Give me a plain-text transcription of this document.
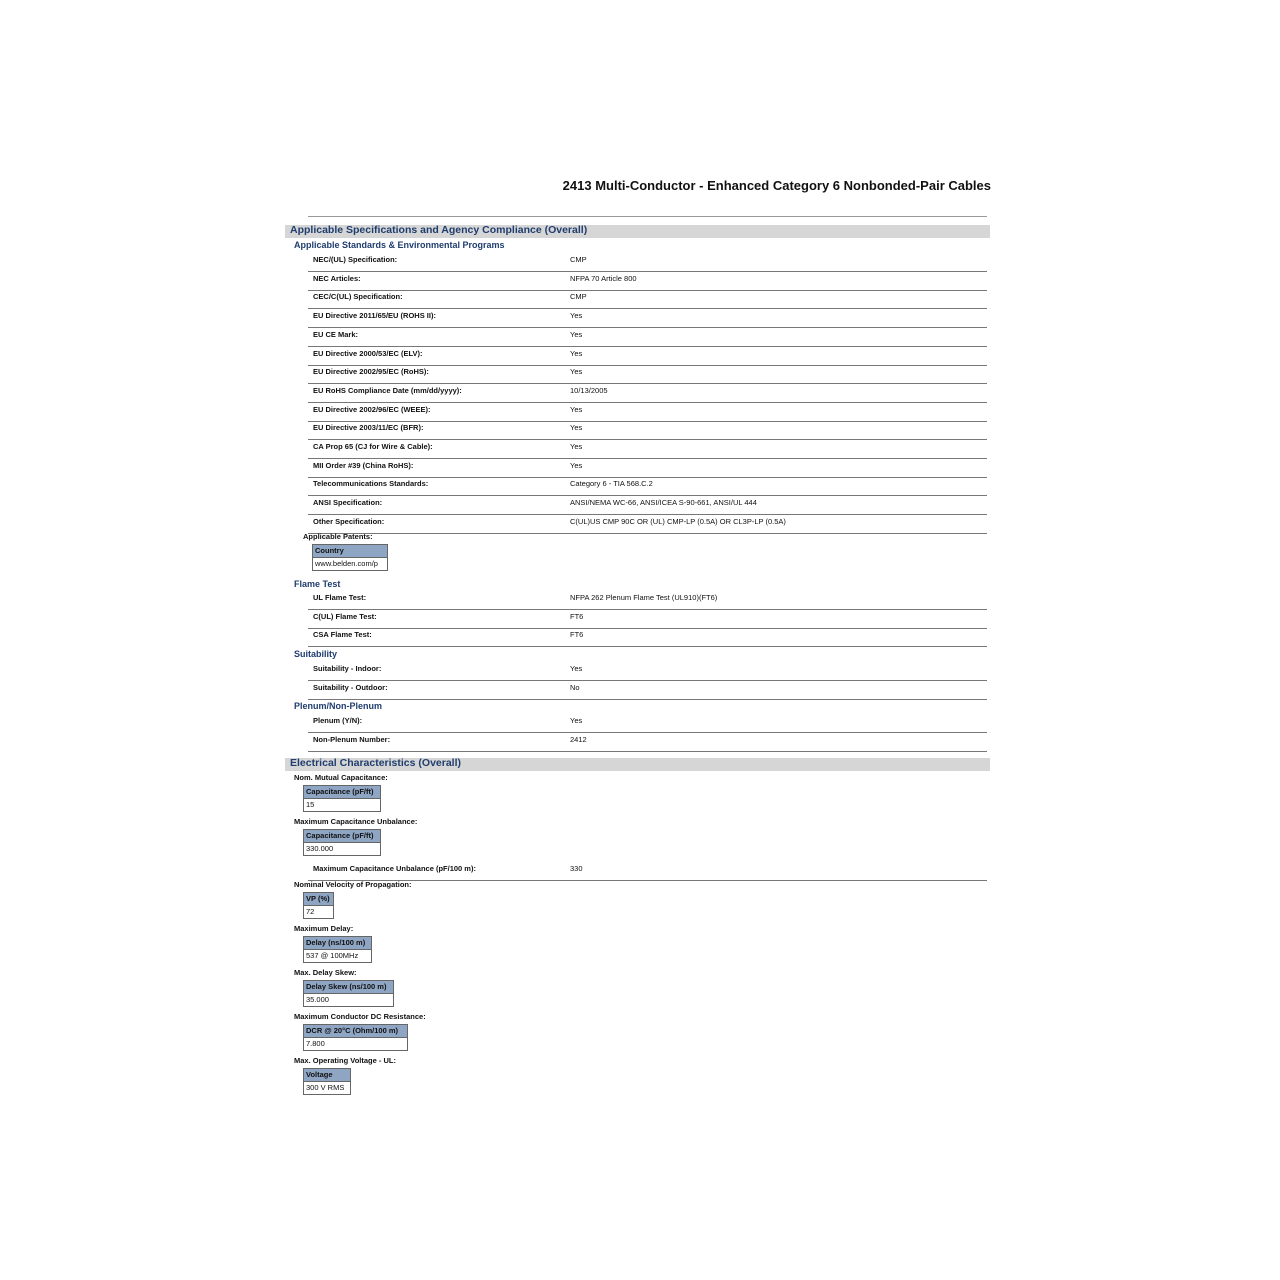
2413 Multi-Conductor - Enhanced Category 6 Nonbonded-Pair Cables
Applicable Specifications and Agency Compliance (Overall)
Applicable Standards & Environmental Programs
NEC/(UL) Specification:	CMP
NEC Articles:	NFPA 70 Article 800
CEC/C(UL) Specification:	CMP
EU Directive 2011/65/EU (ROHS II):	Yes
EU CE Mark:	Yes
EU Directive 2000/53/EC (ELV):	Yes
EU Directive 2002/95/EC (RoHS):	Yes
EU RoHS Compliance Date (mm/dd/yyyy):	10/13/2005
EU Directive 2002/96/EC (WEEE):	Yes
EU Directive 2003/11/EC (BFR):	Yes
CA Prop 65 (CJ for Wire & Cable):	Yes
MII Order #39 (China RoHS):	Yes
Telecommunications Standards:	Category 6 - TIA 568.C.2
ANSI Specification:	ANSI/NEMA WC-66, ANSI/ICEA S-90-661, ANSI/UL 444
Other Specification:	C(UL)US CMP 90C OR (UL) CMP-LP (0.5A) OR CL3P-LP (0.5A)
Applicable Patents:
Country
www.belden.com/p
Flame Test
UL Flame Test:	NFPA 262 Plenum Flame Test (UL910)(FT6)
C(UL) Flame Test:	FT6
CSA Flame Test:	FT6
Suitability
Suitability - Indoor:	Yes
Suitability - Outdoor:	No
Plenum/Non-Plenum
Plenum (Y/N):	Yes
Non-Plenum Number:	2412
Electrical Characteristics (Overall)
Nom. Mutual Capacitance:
Capacitance (pF/ft)
15
Maximum Capacitance Unbalance:
Capacitance (pF/ft)
330.000
Maximum Capacitance Unbalance (pF/100 m):	330
Nominal Velocity of Propagation:
VP (%)
72
Maximum Delay:
Delay (ns/100 m)
537 @ 100MHz
Max. Delay Skew:
Delay Skew (ns/100 m)
35.000
Maximum Conductor DC Resistance:
DCR @ 20°C (Ohm/100 m)
7.800
Max. Operating Voltage - UL:
Voltage
300 V RMS
